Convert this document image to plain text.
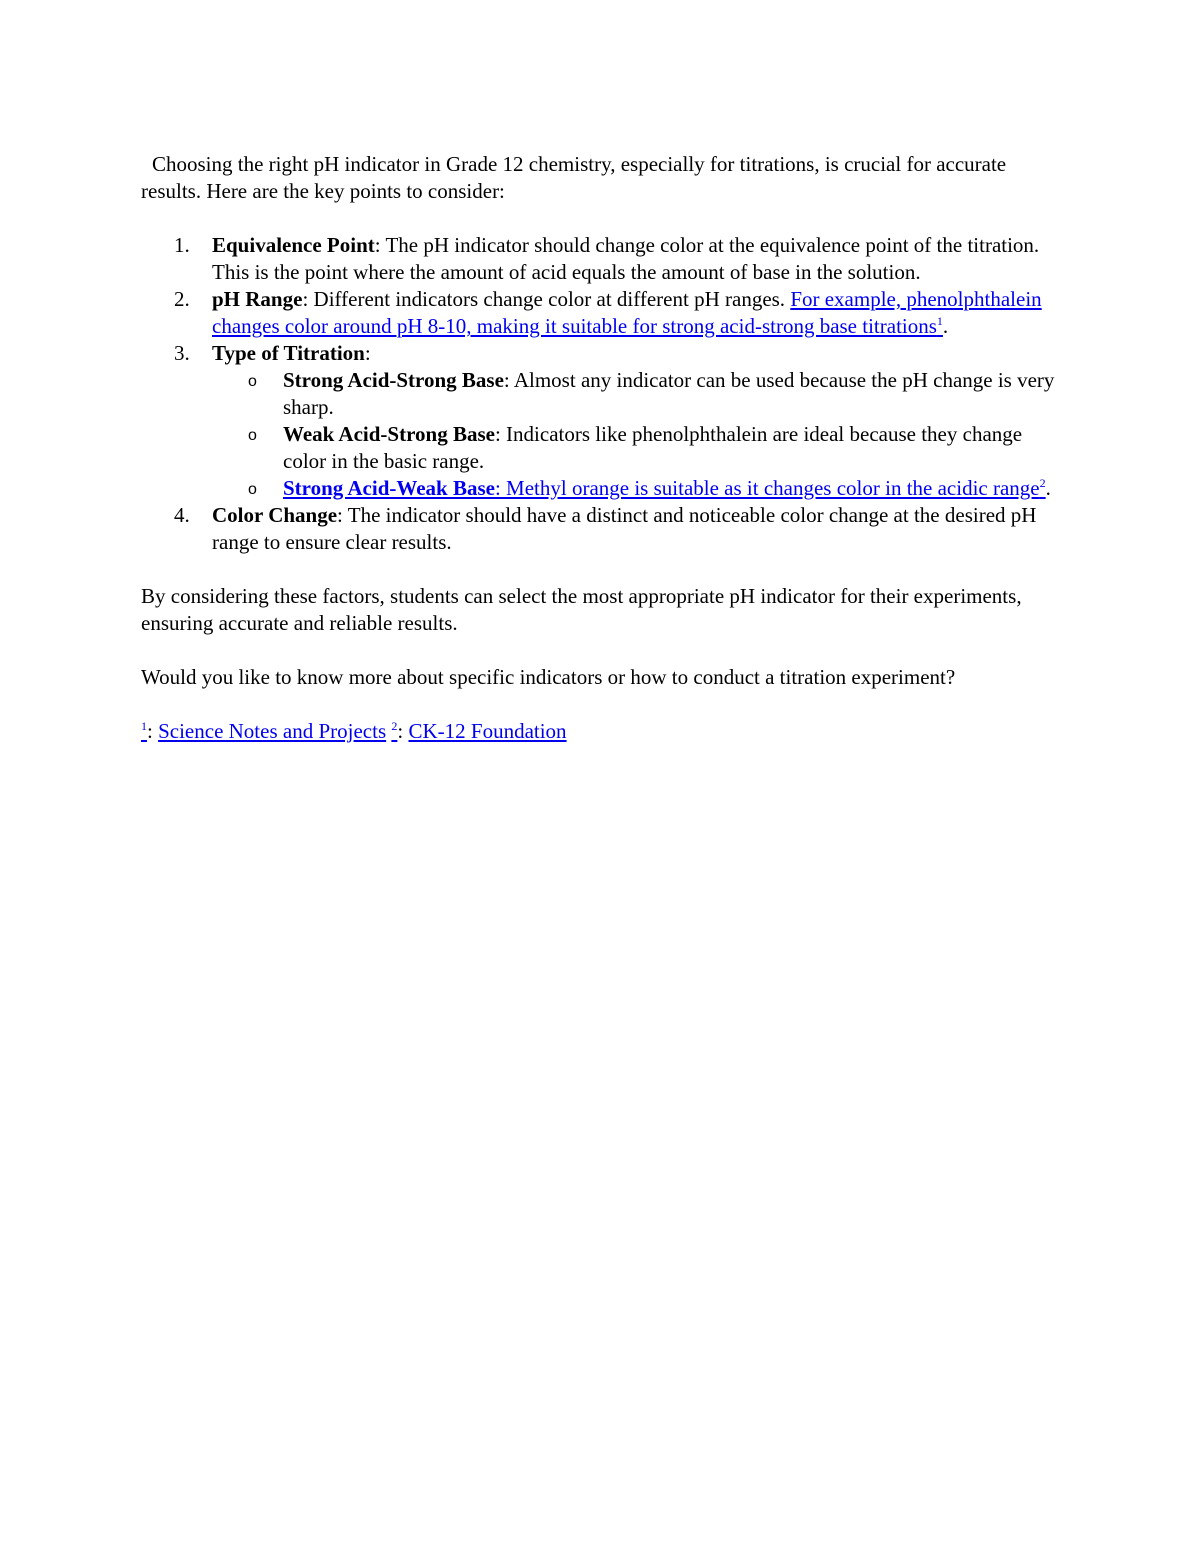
Choosing the right pH indicator in Grade 12 chemistry, especially for titrations, is crucial for accurate results. Here are the key points to consider:

1. Equivalence Point: The pH indicator should change color at the equivalence point of the titration. This is the point where the amount of acid equals the amount of base in the solution.
2. pH Range: Different indicators change color at different pH ranges. For example, phenolphthalein changes color around pH 8-10, making it suitable for strong acid-strong base titrations$^1$.
3. Type of Titration:
o Strong Acid-Strong Base: Almost any indicator can be used because the pH change is very sharp.
o Weak Acid-Strong Base: Indicators like phenolphthalein are ideal because they change color in the basic range.
o Strong Acid-Weak Base: Methyl orange is suitable as it changes color in the acidic range$^2$.
4. Color Change: The indicator should have a distinct and noticeable color change at the desired pH range to ensure clear results.

By considering these factors, students can select the most appropriate pH indicator for their experiments, ensuring accurate and reliable results.

Would you like to know more about specific indicators or how to conduct a titration experiment?

$^1$: Science Notes and Projects $^2$: CK-12 Foundation
